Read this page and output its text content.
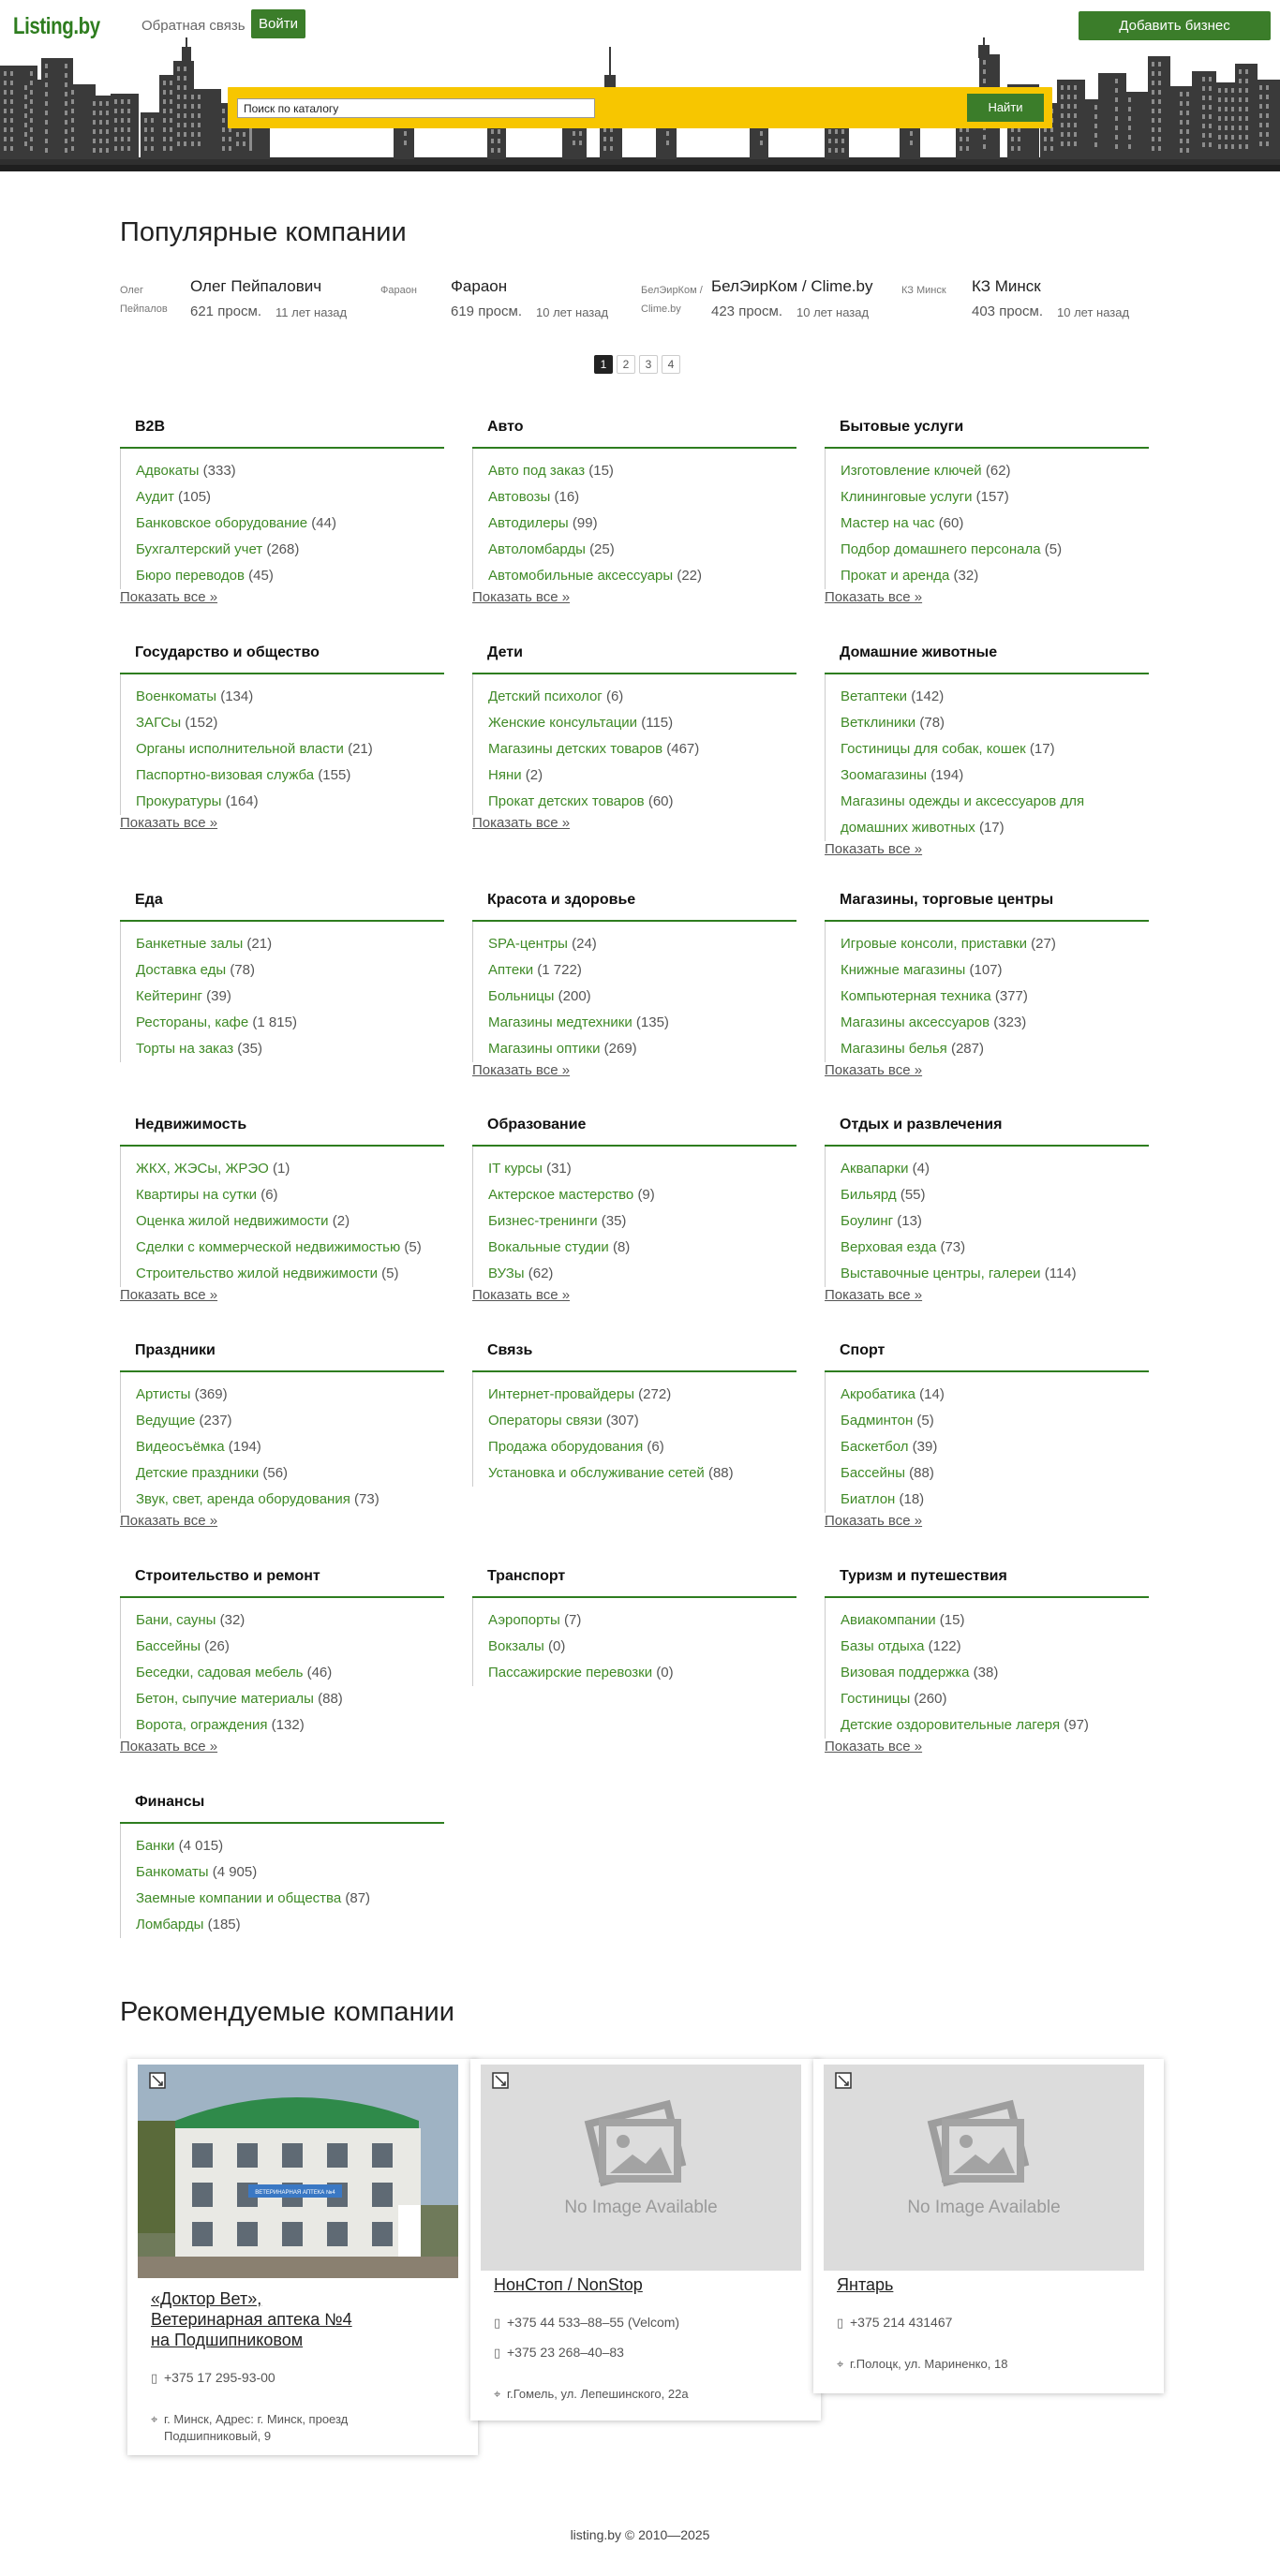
Listing.by	Обратная связь Войти	Добавить бизнес
Поиск по каталогу
Найти
Популярные компании
Олег Пейпалов
Олег Пейпалович
621 просм. 11 лет назад
Фараон	Фараон
619 просм. 10 лет назад
БелЭирКом / Clime.by
БелЭирКом / Clime.by
423 просм. 10 лет назад
КЗ Минск	КЗ Минск
403 просм. 10 лет назад
1	2	3	4
B2B
Адвокаты (333)
Аудит (105)
Банковское оборудование (44)
Бухгалтерский учет (268)
Бюро переводов (45)
Показать все »
Авто
Авто под заказ (15)
Автовозы (16)
Автодилеры (99)
Автоломбарды (25)
Автомобильные аксессуары (22)
Показать все »
Бытовые услуги
Изготовление ключей (62)
Клининговые услуги (157)
Мастер на час (60)
Подбор домашнего персонала (5)
Прокат и аренда (32)
Показать все »
Государство и общество
Военкоматы (134)
ЗАГСы (152)
Органы исполнительной власти (21)
Паспортно-визовая служба (155)
Прокуратуры (164)
Показать все »
Дети
Детский психолог (6)
Женские консультации (115)
Магазины детских товаров (467)
Няни (2)
Прокат детских товаров (60)
Показать все »
Домашние животные
Ветаптеки (142)
Ветклиники (78)
Гостиницы для собак, кошек (17)
Зоомагазины (194)
Магазины одежды и аксессуаров для домашних животных (17)
Показать все »
Еда
Банкетные залы (21)
Доставка еды (78)
Кейтеринг (39)
Рестораны, кафе (1 815)
Торты на заказ (35)
Красота и здоровье
SPA-центры (24)
Аптеки (1 722)
Больницы (200)
Магазины медтехники (135)
Магазины оптики (269)
Показать все »
Магазины, торговые центры
Игровые консоли, приставки (27)
Книжные магазины (107)
Компьютерная техника (377)
Магазины аксессуаров (323)
Магазины белья (287)
Показать все »
Недвижимость
ЖКХ, ЖЭСы, ЖРЭО (1)
Квартиры на сутки (6)
Оценка жилой недвижимости (2)
Сделки с коммерческой недвижимостью (5)
Строительство жилой недвижимости (5)
Показать все »
Образование
IT курсы (31)
Актерское мастерство (9)
Бизнес-тренинги (35)
Вокальные студии (8)
ВУЗы (62)
Показать все »
Отдых и развлечения
Аквапарки (4)
Бильярд (55)
Боулинг (13)
Верховая езда (73)
Выставочные центры, галереи (114)
Показать все »
Праздники
Артисты (369)
Ведущие (237)
Видеосъёмка (194)
Детские праздники (56)
Звук, свет, аренда оборудования (73)
Показать все »
Связь
Интернет-провайдеры (272)
Операторы связи (307)
Продажа оборудования (6)
Установка и обслуживание сетей (88)
Спорт
Акробатика (14)
Бадминтон (5)
Баскетбол (39)
Бассейны (88)
Биатлон (18)
Показать все »
Строительство и ремонт
Бани, сауны (32)
Бассейны (26)
Беседки, садовая мебель (46)
Бетон, сыпучие материалы (88)
Ворота, ограждения (132)
Показать все »
Транспорт
Аэропорты (7)
Вокзалы (0)
Пассажирские перевозки (0)
Туризм и путешествия
Авиакомпании (15)
Базы отдыха (122)
Визовая поддержка (38)
Гостиницы (260)
Детские оздоровительные лагеря (97)
Показать все »
Финансы
Банки (4 015)
Банкоматы (4 905)
Заемные компании и общества (87)
Ломбарды (185)
Рекомендуемые компании
ВЕТЕРИНАРНАЯ АПТЕКА №4
«Доктор Вет»,
Ветеринарная аптека №4
на Подшипниковом
▯ +375 17 295-93-00
⌖ г. Минск, Адрес: г. Минск, проезд
Подшипниковый, 9
No Image Available
НонСтоп / NonStop
▯ +375 44 533–88–55 (Velcom)
▯ +375 23 268–40–83
⌖ г.Гомель, ул. Лепешинского, 22а
No Image Available
Янтарь
▯ +375 214 431467
⌖ г.Полоцк, ул. Мариненко, 18
listing.by © 2010—2025
